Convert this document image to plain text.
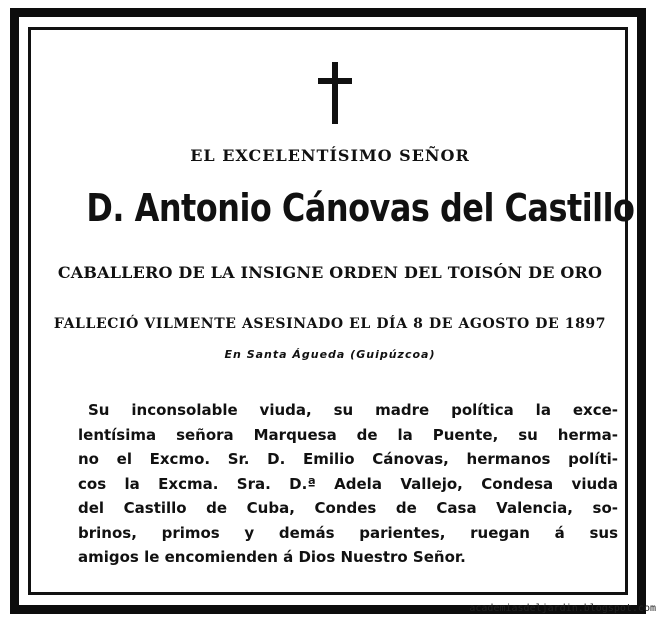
EL EXCELENTÍSIMO SEÑOR
D. Antonio Cánovas del Castillo
CABALLERO DE LA INSIGNE ORDEN DEL TOISÓN DE ORO
FALLECIÓ VILMENTE ASESINADO EL DÍA 8 DE AGOSTO DE 1897
En Santa Águeda (Guipúzcoa)
Su inconsolable viuda, su madre política la exce-
lentísima señora Marquesa de la Puente, su herma-
no el Excmo. Sr. D. Emilio Cánovas, hermanos políti-
cos la Excma. Sra. D.ª Adela Vallejo, Condesa viuda
del Castillo de Cuba, Condes de Casa Valencia, so-
brinos, primos y demás parientes, ruegan á sus
amigos le encomienden á Dios Nuestro Señor.
academiasdeljardin.blogspot.com
